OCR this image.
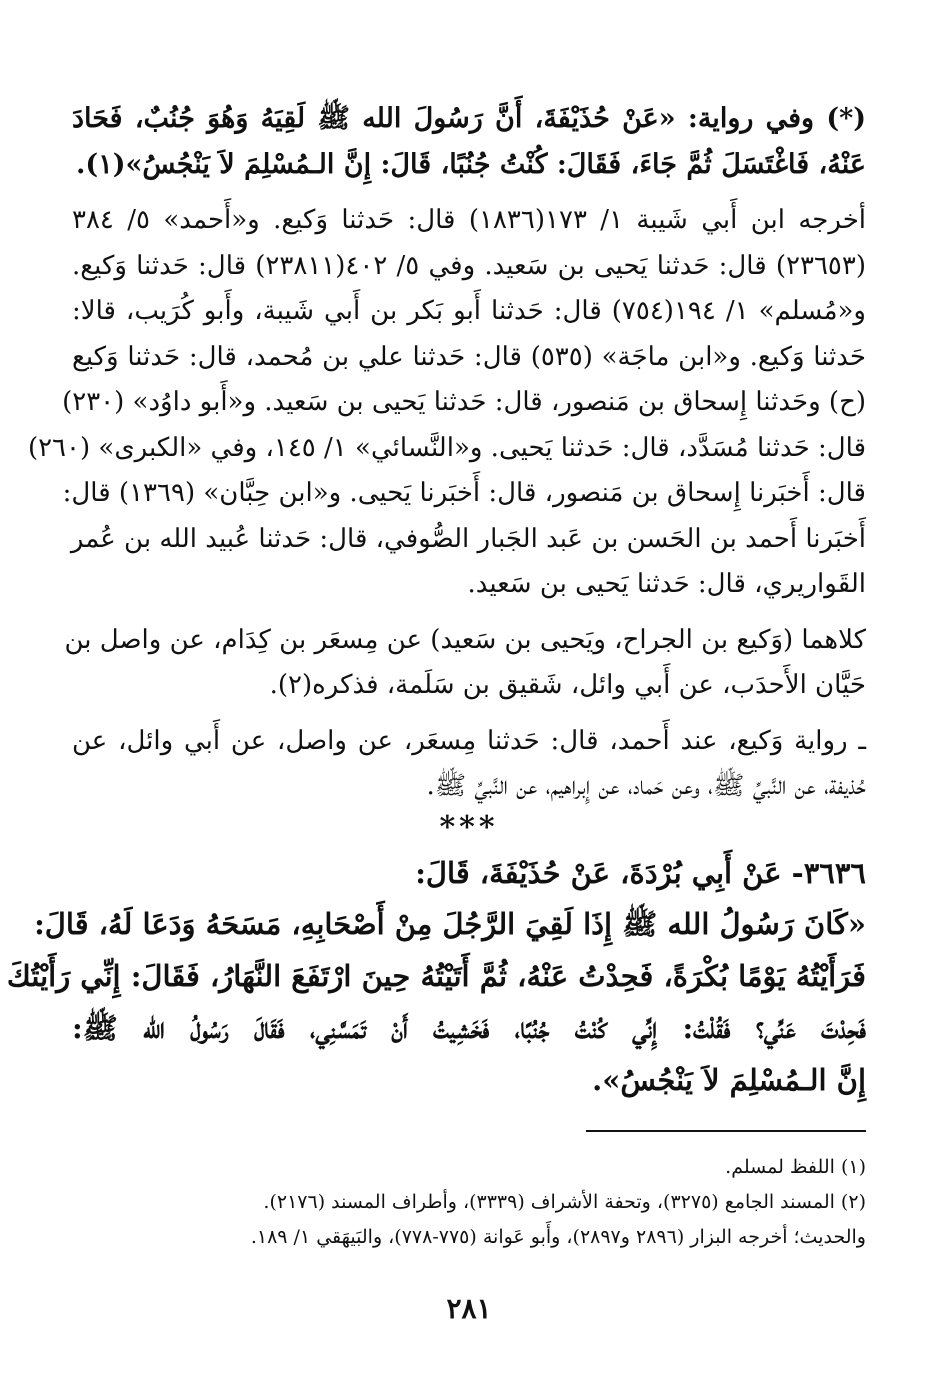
(*) وفي رواية: «عَنْ حُذَيْفَةَ، أَنَّ رَسُولَ الله ﷺ لَقِيَهُ وَهُوَ جُنُبٌ، فَحَادَ
عَنْهُ، فَاغْتَسَلَ ثُمَّ جَاءَ، فَقَالَ: كُنْتُ جُنُبًا، قَالَ: إِنَّ الـمُسْلِمَ لاَ يَنْجُسُ»(١).
أخرجه ابن أَبي شَيبة ١/ ١٧٣(١٨٣٦) قال: حَدثنا وَكيع. و«أَحمد» ٥/ ٣٨٤
(٢٣٦٥٣) قال: حَدثنا يَحيى بن سَعيد. وفي ٥/ ٤٠٢(٢٣٨١١) قال: حَدثنا وَكيع.
و«مُسلم» ١/ ١٩٤(٧٥٤) قال: حَدثنا أَبو بَكر بن أَبي شَيبة، وأَبو كُرَيب، قالا:
حَدثنا وَكيع. و«ابن ماجَة» (٥٣٥) قال: حَدثنا علي بن مُحمد، قال: حَدثنا وَكيع
(ح) وحَدثنا إِسحاق بن مَنصور، قال: حَدثنا يَحيى بن سَعيد. و«أَبو داوُد» (٢٣٠)
قال: حَدثنا مُسَدَّد، قال: حَدثنا يَحيى. و«النَّسائي» ١/ ١٤٥، وفي «الكبرى» (٢٦٠)
قال: أَخبَرنا إِسحاق بن مَنصور، قال: أَخبَرنا يَحيى. و«ابن حِبَّان» (١٣٦٩) قال:
أَخبَرنا أَحمد بن الحَسن بن عَبد الجَبار الصُّوفي، قال: حَدثنا عُبيد الله بن عُمر
القَواريري، قال: حَدثنا يَحيى بن سَعيد.
كلاهما (وَكيع بن الجراح، ويَحيى بن سَعيد) عن مِسعَر بن كِدَام، عن واصل بن
حَيَّان الأَحدَب، عن أَبي وائل، شَقيق بن سَلَمة، فذكره(٢).
ـ رواية وَكيع، عند أَحمد، قال: حَدثنا مِسعَر، عن واصل، عن أَبي وائل، عن
حُذيفة، عن النَّبيِّ ﷺ، وعن حَماد، عن إِبراهيم، عن النَّبيِّ ﷺ.
***
٣٦٣٦- عَنْ أَبِي بُرْدَةَ، عَنْ حُذَيْفَةَ، قَالَ:
«كَانَ رَسُولُ الله ﷺ إِذَا لَقِيَ الرَّجُلَ مِنْ أَصْحَابِهِ، مَسَحَهُ وَدَعَا لَهُ، قَالَ:
فَرَأَيْتُهُ يَوْمًا بُكْرَةً، فَحِدْتُ عَنْهُ، ثُمَّ أَتَيْتُهُ حِينَ ارْتَفَعَ النَّهَارُ، فَقَالَ: إِنِّي رَأَيْتُكَ
فَحِدْتَ عَنِّي؟ فَقُلْتُ: إِنِّي كُنْتُ جُنُبًا، فَخَشِيتُ أَنْ تَمَسَّنِي، فَقَالَ رَسُولُ الله ﷺ:
إِنَّ الـمُسْلِمَ لاَ يَنْجُسُ».
(١) اللفظ لمسلم.
(٢) المسند الجامع (٣٢٧٥)، وتحفة الأشراف (٣٣٣٩)، وأطراف المسند (٢١٧٦).
والحديث؛ أخرجه البزار (٢٨٩٦ و٢٨٩٧)، وأَبو عَوانة (٧٧٥-٧٧٨)، والبَيهَقي ١/ ١٨٩.
٢٨١
